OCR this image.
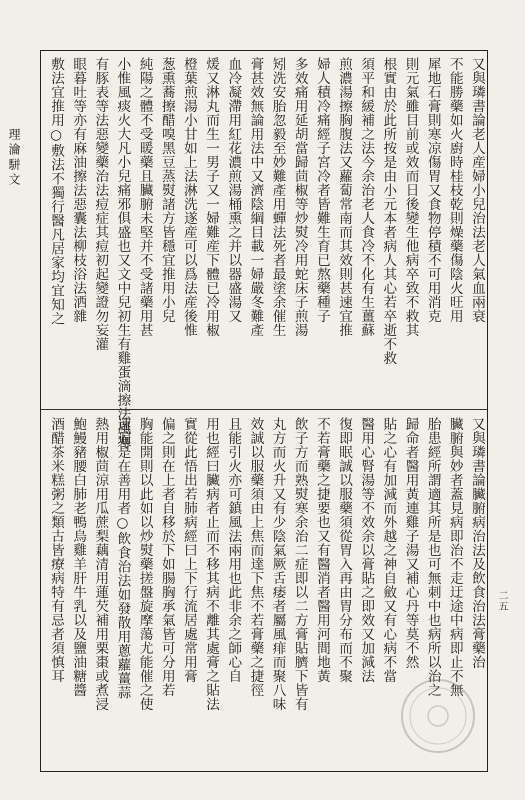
理瀹駢文	又與璘書論老人産婦小兒治法老人氣血兩衰
不能勝藥如火廚時桂枝乾則燥藥傷陰火旺用
犀地石膏則寒凉傷胃又食物停積不可用消克
則元氣雖目前或效而日後變生他病卒致不救其
根實由於此所按是由小元本者病人其心若卒逝不救
須平和緩補之法今余治老人食冷不化有生薑蘇
煎濃湯擦胸腹法又蘿蔔常南而其效則甚速宜推
婦人積冷痛經子宮冷者皆難生育已熬藥種子
多效痛用延胡當歸茴椒等炒熨冷用蛇床子煎湯
矧洗安胎忽毅至妙難產用蟬法死者最塗余催生
膏甚效無論用法中又濟陰綱目載一婦嚴冬難產
血冷凝滯用紅花濃煎湯桶熏之并以器盛湯又
煖又淋丸而生一男子又一婦難産下體已冷用椒
橙葉煎湯小甘如上法淋洗遂産可以爲法産後惟
葱熏蕎擦醋嗅黑豆蒸熨諸方皆穩宜推用小兒
純陽之體不受暖藥且臟腑未堅并不受諸藥用甚
小惟風痰火大凡小兒痛邪俱盛也又文中兒初生有雞蛋滴擦法風寒
有豚表等法惡變藥治法痘症其痘初起變證勿妄灌
眼暮吐等亦有麻油擦法惡囊法柳枝浴法洒雜
敷法宜推用○敷法不獨行醫凡居家均宜知之
又與璘書論臟腑病治法及飲食治法膏藥治
臟腑與妙者蓋見病即治不走迂途中病即止不無
胎患經所謂適其所是也可無刺中也病所以治之
歸命者醫用黃連雞子湯又補心丹等莫不然
貼之心有加減而外越之神自斂又有心病不當
醫用心腎湯等不效余以膏貼之即效又加減法
復即眠誠以服藥須從胃入再由胃分布而不聚
不若膏藥之捷要也又有醫消者醫用河間地黃
飲子方而熟熨寒余治二症即以二方膏貼臍下皆有
丸方而火升又有少陰氣厥舌痿者屬風痱而聚八味
效誠以服藥須由上焦而達下焦不若膏藥之捷徑
且能引火亦可鎮風法兩用也此非余之師心自
用也經曰臟病者止而不移其病不離其處膏之貼法
實從此悟出若肺病經曰上下行流居處常用膏
偏之則在上者自移於下如腸胸承氣皆可分用若
胸能開則以此如以炒熨藥搓盤旋摩蕩尤能催之使
速遍是在善用者○飲食治法如發散用蔥蘿薑蒜
熱用椒茴涼用瓜蔗梨藕清用蓮芡補用栗棗或煮浸
鮑鰻豬腰白肺老鴨烏雞羊肝牛乳以及鹽油糖醬
酒醋茶米糕粥之類古皆療病特有忌者須慎耳	二五
